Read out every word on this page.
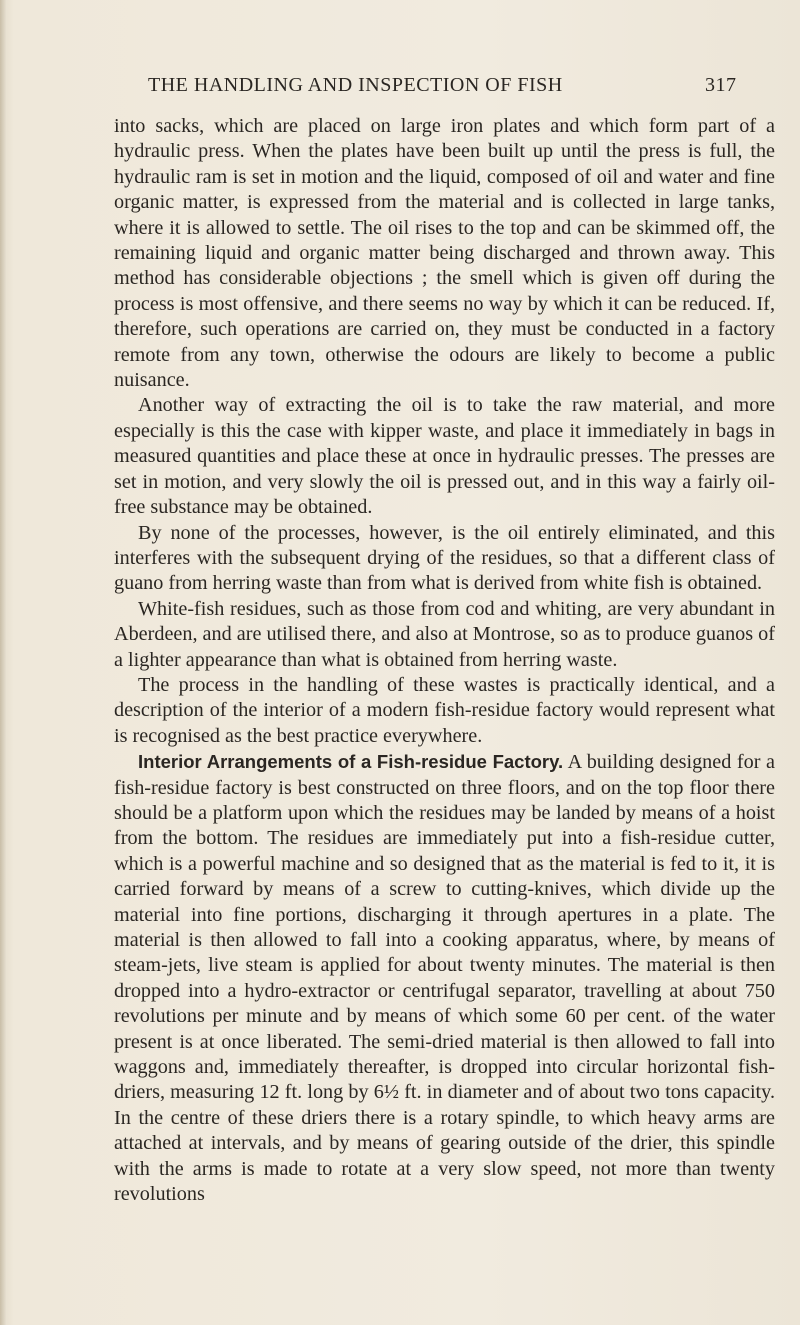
THE HANDLING AND INSPECTION OF FISH	317

into sacks, which are placed on large iron plates and which form part of a hydraulic press. When the plates have been built up until the press is full, the hydraulic ram is set in motion and the liquid, composed of oil and water and fine organic matter, is expressed from the material and is collected in large tanks, where it is allowed to settle. The oil rises to the top and can be skimmed off, the remaining liquid and organic matter being discharged and thrown away. This method has considerable objections ; the smell which is given off during the process is most offensive, and there seems no way by which it can be reduced. If, therefore, such operations are carried on, they must be conducted in a factory remote from any town, otherwise the odours are likely to become a public nuisance.

Another way of extracting the oil is to take the raw material, and more especially is this the case with kipper waste, and place it immediately in bags in measured quantities and place these at once in hydraulic presses. The presses are set in motion, and very slowly the oil is pressed out, and in this way a fairly oil-free substance may be obtained.

By none of the processes, however, is the oil entirely eliminated, and this interferes with the subsequent drying of the residues, so that a different class of guano from herring waste than from what is derived from white fish is obtained.

White-fish residues, such as those from cod and whiting, are very abundant in Aberdeen, and are utilised there, and also at Montrose, so as to produce guanos of a lighter appearance than what is obtained from herring waste.

The process in the handling of these wastes is practically identical, and a description of the interior of a modern fish-residue factory would represent what is recognised as the best practice everywhere.

Interior Arrangements of a Fish-residue Factory. A building designed for a fish-residue factory is best constructed on three floors, and on the top floor there should be a platform upon which the residues may be landed by means of a hoist from the bottom. The residues are immediately put into a fish-residue cutter, which is a powerful machine and so designed that as the material is fed to it, it is carried forward by means of a screw to cutting-knives, which divide up the material into fine portions, discharging it through apertures in a plate. The material is then allowed to fall into a cooking apparatus, where, by means of steam-jets, live steam is applied for about twenty minutes. The material is then dropped into a hydro-extractor or centrifugal separator, travelling at about 750 revolutions per minute and by means of which some 60 per cent. of the water present is at once liberated. The semi-dried material is then allowed to fall into waggons and, immediately thereafter, is dropped into circular horizontal fish-driers, measuring 12 ft. long by 6½ ft. in diameter and of about two tons capacity. In the centre of these driers there is a rotary spindle, to which heavy arms are attached at intervals, and by means of gearing outside of the drier, this spindle with the arms is made to rotate at a very slow speed, not more than twenty revolutions
